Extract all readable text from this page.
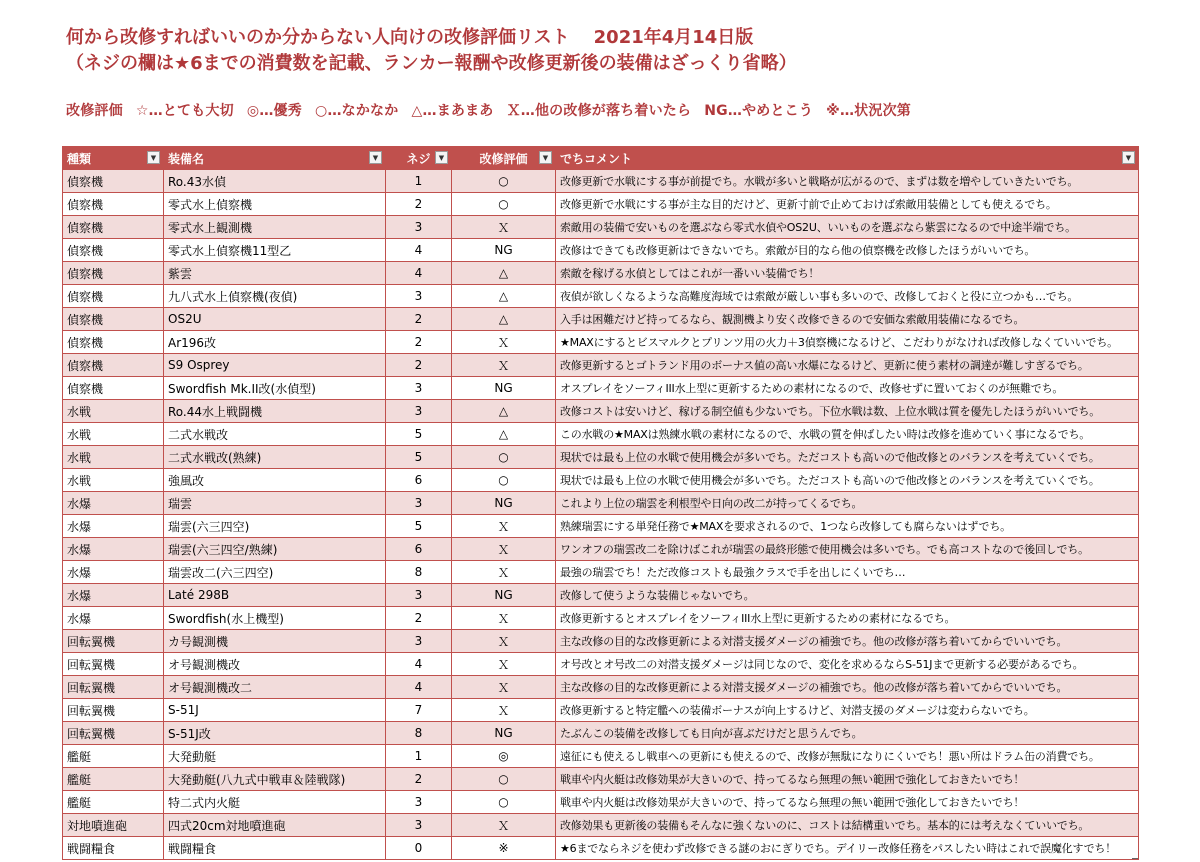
何から改修すればいいのか分からない人向けの改修評価リスト 2021年4月14日版
（ネジの欄は★6までの消費数を記載、ランカー報酬や改修更新後の装備はざっくり省略）
改修評価 ☆…とても大切 ◎…優秀 ○…なかなか △…まあまあ Ｘ…他の改修が落ち着いたら NG…やめとこう ※…状況次第
種類 ▼	装備名 ▼	ネジ ▼	改修評価 ▼	でちコメント ▼

偵察機	Ro.43水偵	1	○	改修更新で水戦にする事が前提でち。水戦が多いと戦略が広がるので、まずは数を増やしていきたいでち。
偵察機	零式水上偵察機	2	○	改修更新で水戦にする事が主な目的だけど、更新寸前で止めておけば索敵用装備としても使えるでち。
偵察機	零式水上観測機	3	Ｘ	索敵用の装備で安いものを選ぶなら零式水偵やOS2U、いいものを選ぶなら紫雲になるので中途半端でち。
偵察機	零式水上偵察機11型乙	4	NG	改修はできても改修更新はできないでち。索敵が目的なら他の偵察機を改修したほうがいいでち。
偵察機	紫雲	4	△	索敵を稼げる水偵としてはこれが一番いい装備でち！
偵察機	九八式水上偵察機(夜偵)	3	△	夜偵が欲しくなるような高難度海域では索敵が厳しい事も多いので、改修しておくと役に立つかも…でち。
偵察機	OS2U	2	△	入手は困難だけど持ってるなら、観測機より安く改修できるので安価な索敵用装備になるでち。
偵察機	Ar196改	2	Ｘ	★MAXにするとビスマルクとプリンツ用の火力＋3偵察機になるけど、こだわりがなければ改修しなくていいでち。
偵察機	S9 Osprey	2	Ｘ	改修更新するとゴトランド用のボーナス値の高い水爆になるけど、更新に使う素材の調達が難しすぎるでち。
偵察機	Swordfish Mk.II改(水偵型)	3	NG	オスプレイをソーフィIII水上型に更新するための素材になるので、改修せずに置いておくのが無難でち。
水戦	Ro.44水上戦闘機	3	△	改修コストは安いけど、稼げる制空値も少ないでち。下位水戦は数、上位水戦は質を優先したほうがいいでち。
水戦	二式水戦改	5	△	この水戦の★MAXは熟練水戦の素材になるので、水戦の質を伸ばしたい時は改修を進めていく事になるでち。
水戦	二式水戦改(熟練)	5	○	現状では最も上位の水戦で使用機会が多いでち。ただコストも高いので他改修とのバランスを考えていくでち。
水戦	強風改	6	○	現状では最も上位の水戦で使用機会が多いでち。ただコストも高いので他改修とのバランスを考えていくでち。
水爆	瑞雲	3	NG	これより上位の瑞雲を利根型や日向の改二が持ってくるでち。
水爆	瑞雲(六三四空)	5	Ｘ	熟練瑞雲にする単発任務で★MAXを要求されるので、1つなら改修しても腐らないはずでち。
水爆	瑞雲(六三四空/熟練)	6	Ｘ	ワンオフの瑞雲改二を除けばこれが瑞雲の最終形態で使用機会は多いでち。でも高コストなので後回しでち。
水爆	瑞雲改二(六三四空)	8	Ｘ	最強の瑞雲でち！ただ改修コストも最強クラスで手を出しにくいでち…
水爆	Laté 298B	3	NG	改修して使うような装備じゃないでち。
水爆	Swordfish(水上機型)	2	Ｘ	改修更新するとオスプレイをソーフィIII水上型に更新するための素材になるでち。
回転翼機	カ号観測機	3	Ｘ	主な改修の目的な改修更新による対潜支援ダメージの補強でち。他の改修が落ち着いてからでいいでち。
回転翼機	オ号観測機改	4	Ｘ	オ号改とオ号改二の対潜支援ダメージは同じなので、変化を求めるならS-51Jまで更新する必要があるでち。
回転翼機	オ号観測機改二	4	Ｘ	主な改修の目的な改修更新による対潜支援ダメージの補強でち。他の改修が落ち着いてからでいいでち。
回転翼機	S-51J	7	Ｘ	改修更新すると特定艦への装備ボーナスが向上するけど、対潜支援のダメージは変わらないでち。
回転翼機	S-51J改	8	NG	たぶんこの装備を改修しても日向が喜ぶだけだと思うんでち。
艦艇	大発動艇	1	◎	遠征にも使えるし戦車への更新にも使えるので、改修が無駄になりにくいでち！悪い所はドラム缶の消費でち。
艦艇	大発動艇(八九式中戦車＆陸戦隊)	2	○	戦車や内火艇は改修効果が大きいので、持ってるなら無理の無い範囲で強化しておきたいでち！
艦艇	特二式内火艇	3	○	戦車や内火艇は改修効果が大きいので、持ってるなら無理の無い範囲で強化しておきたいでち！
対地噴進砲	四式20cm対地噴進砲	3	Ｘ	改修効果も更新後の装備もそんなに強くないのに、コストは結構重いでち。基本的には考えなくていいでち。
戦闘糧食	戦闘糧食	0	※	★6までならネジを使わず改修できる謎のおにぎりでち。デイリー改修任務をパスしたい時はこれで誤魔化すでち！
